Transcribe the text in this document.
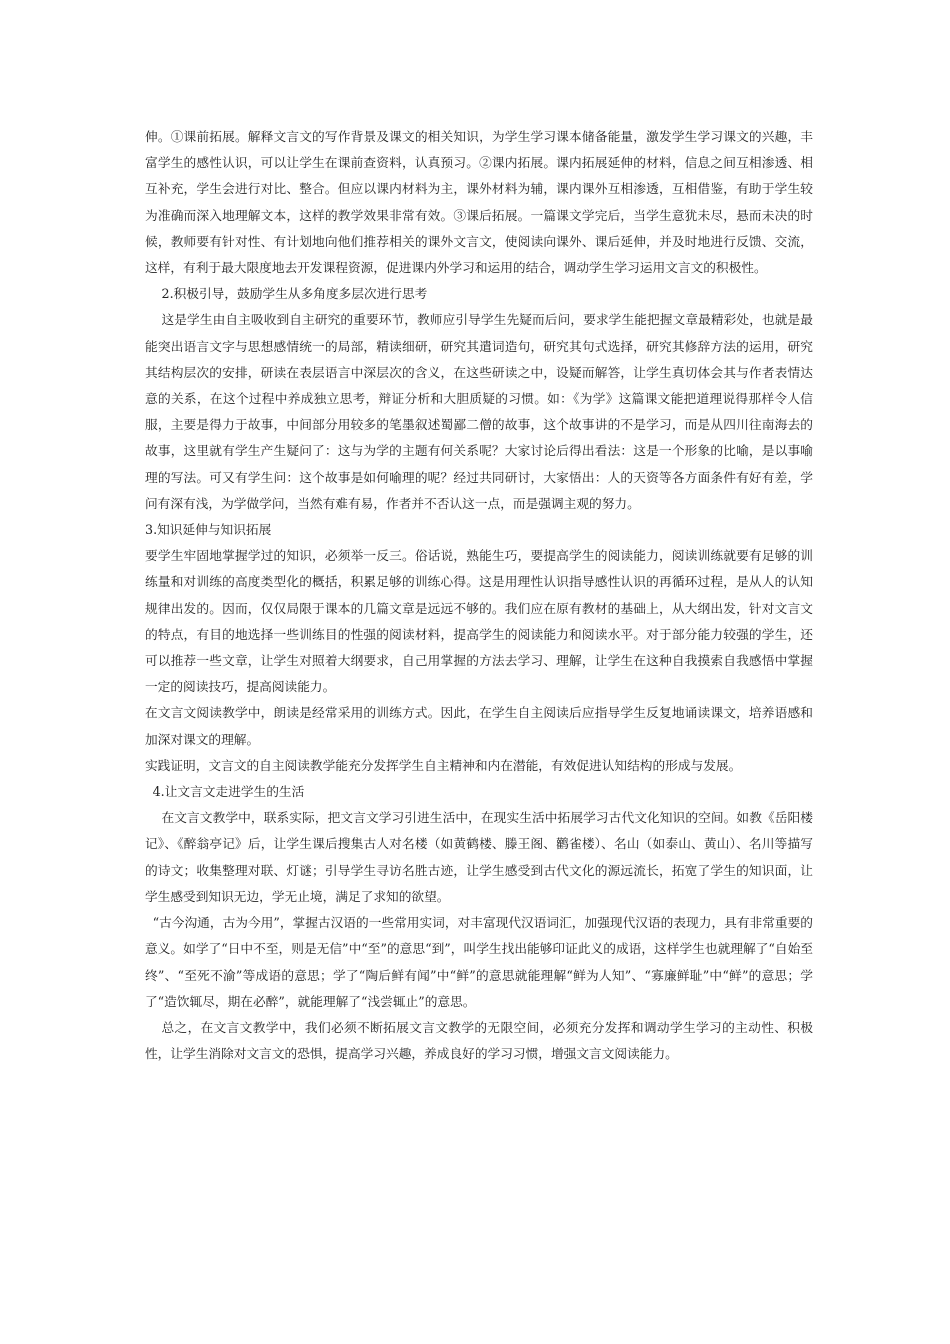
伸。①课前拓展。解释文言文的写作背景及课文的相关知识，为学生学习课本储备能量，激发学生学习课文的兴趣，丰富学生的感性认识，可以让学生在课前查资料，认真预习。②课内拓展。课内拓展延伸的材料，信息之间互相渗透、相互补充，学生会进行对比、整合。但应以课内材料为主，课外材料为辅，课内课外互相渗透，互相借鉴，有助于学生较为准确而深入地理解文本，这样的教学效果非常有效。③课后拓展。一篇课文学完后，当学生意犹未尽，悬而未决的时候，教师要有针对性、有计划地向他们推荐相关的课外文言文，使阅读向课外、课后延伸，并及时地进行反馈、交流，这样，有利于最大限度地去开发课程资源，促进课内外学习和运用的结合，调动学生学习运用文言文的积极性。

2.积极引导，鼓励学生从多角度多层次进行思考

这是学生由自主吸收到自主研究的重要环节，教师应引导学生先疑而后问，要求学生能把握文章最精彩处，也就是最能突出语言文字与思想感情统一的局部，精读细研，研究其遣词造句，研究其句式选择，研究其修辞方法的运用，研究其结构层次的安排，研读在表层语言中深层次的含义，在这些研读之中，设疑而解答，让学生真切体会其与作者表情达意的关系，在这个过程中养成独立思考，辩证分析和大胆质疑的习惯。如：《为学》这篇课文能把道理说得那样令人信服，主要是得力于故事，中间部分用较多的笔墨叙述蜀鄙二僧的故事，这个故事讲的不是学习，而是从四川往南海去的故事，这里就有学生产生疑问了：这与为学的主题有何关系呢？大家讨论后得出看法：这是一个形象的比喻，是以事喻理的写法。可又有学生问：这个故事是如何喻理的呢？经过共同研讨，大家悟出：人的天资等各方面条件有好有差，学问有深有浅，为学做学问，当然有难有易，作者并不否认这一点，而是强调主观的努力。

3.知识延伸与知识拓展

要学生牢固地掌握学过的知识，必须举一反三。俗话说，熟能生巧，要提高学生的阅读能力，阅读训练就要有足够的训练量和对训练的高度类型化的概括，积累足够的训练心得。这是用理性认识指导感性认识的再循环过程，是从人的认知规律出发的。因而，仅仅局限于课本的几篇文章是远远不够的。我们应在原有教材的基础上，从大纲出发，针对文言文的特点，有目的地选择一些训练目的性强的阅读材料，提高学生的阅读能力和阅读水平。对于部分能力较强的学生，还可以推荐一些文章，让学生对照着大纲要求，自己用掌握的方法去学习、理解，让学生在这种自我摸索自我感悟中掌握一定的阅读技巧，提高阅读能力。

在文言文阅读教学中，朗读是经常采用的训练方式。因此，在学生自主阅读后应指导学生反复地诵读课文，培养语感和加深对课文的理解。

实践证明，文言文的自主阅读教学能充分发挥学生自主精神和内在潜能，有效促进认知结构的形成与发展。

4.让文言文走进学生的生活

在文言文教学中，联系实际，把文言文学习引进生活中，在现实生活中拓展学习古代文化知识的空间。如教《岳阳楼记》、《醉翁亭记》后，让学生课后搜集古人对名楼（如黄鹤楼、滕王阁、鹳雀楼）、名山（如泰山、黄山）、名川等描写的诗文；收集整理对联、灯谜；引导学生寻访名胜古迹，让学生感受到古代文化的源远流长，拓宽了学生的知识面，让学生感受到知识无边，学无止境，满足了求知的欲望。

“古今沟通，古为今用”，掌握古汉语的一些常用实词，对丰富现代汉语词汇，加强现代汉语的表现力，具有非常重要的意义。如学了“日中不至，则是无信”中“至”的意思“到”，叫学生找出能够印证此义的成语，这样学生也就理解了“自始至终”、“至死不渝”等成语的意思；学了“陶后鲜有闻”中“鲜”的意思就能理解“鲜为人知”、“寡廉鲜耻”中“鲜”的意思；学了“造饮辄尽，期在必醉”，就能理解了“浅尝辄止”的意思。

总之，在文言文教学中，我们必须不断拓展文言文教学的无限空间，必须充分发挥和调动学生学习的主动性、积极性，让学生消除对文言文的恐惧，提高学习兴趣，养成良好的学习习惯，增强文言文阅读能力。
